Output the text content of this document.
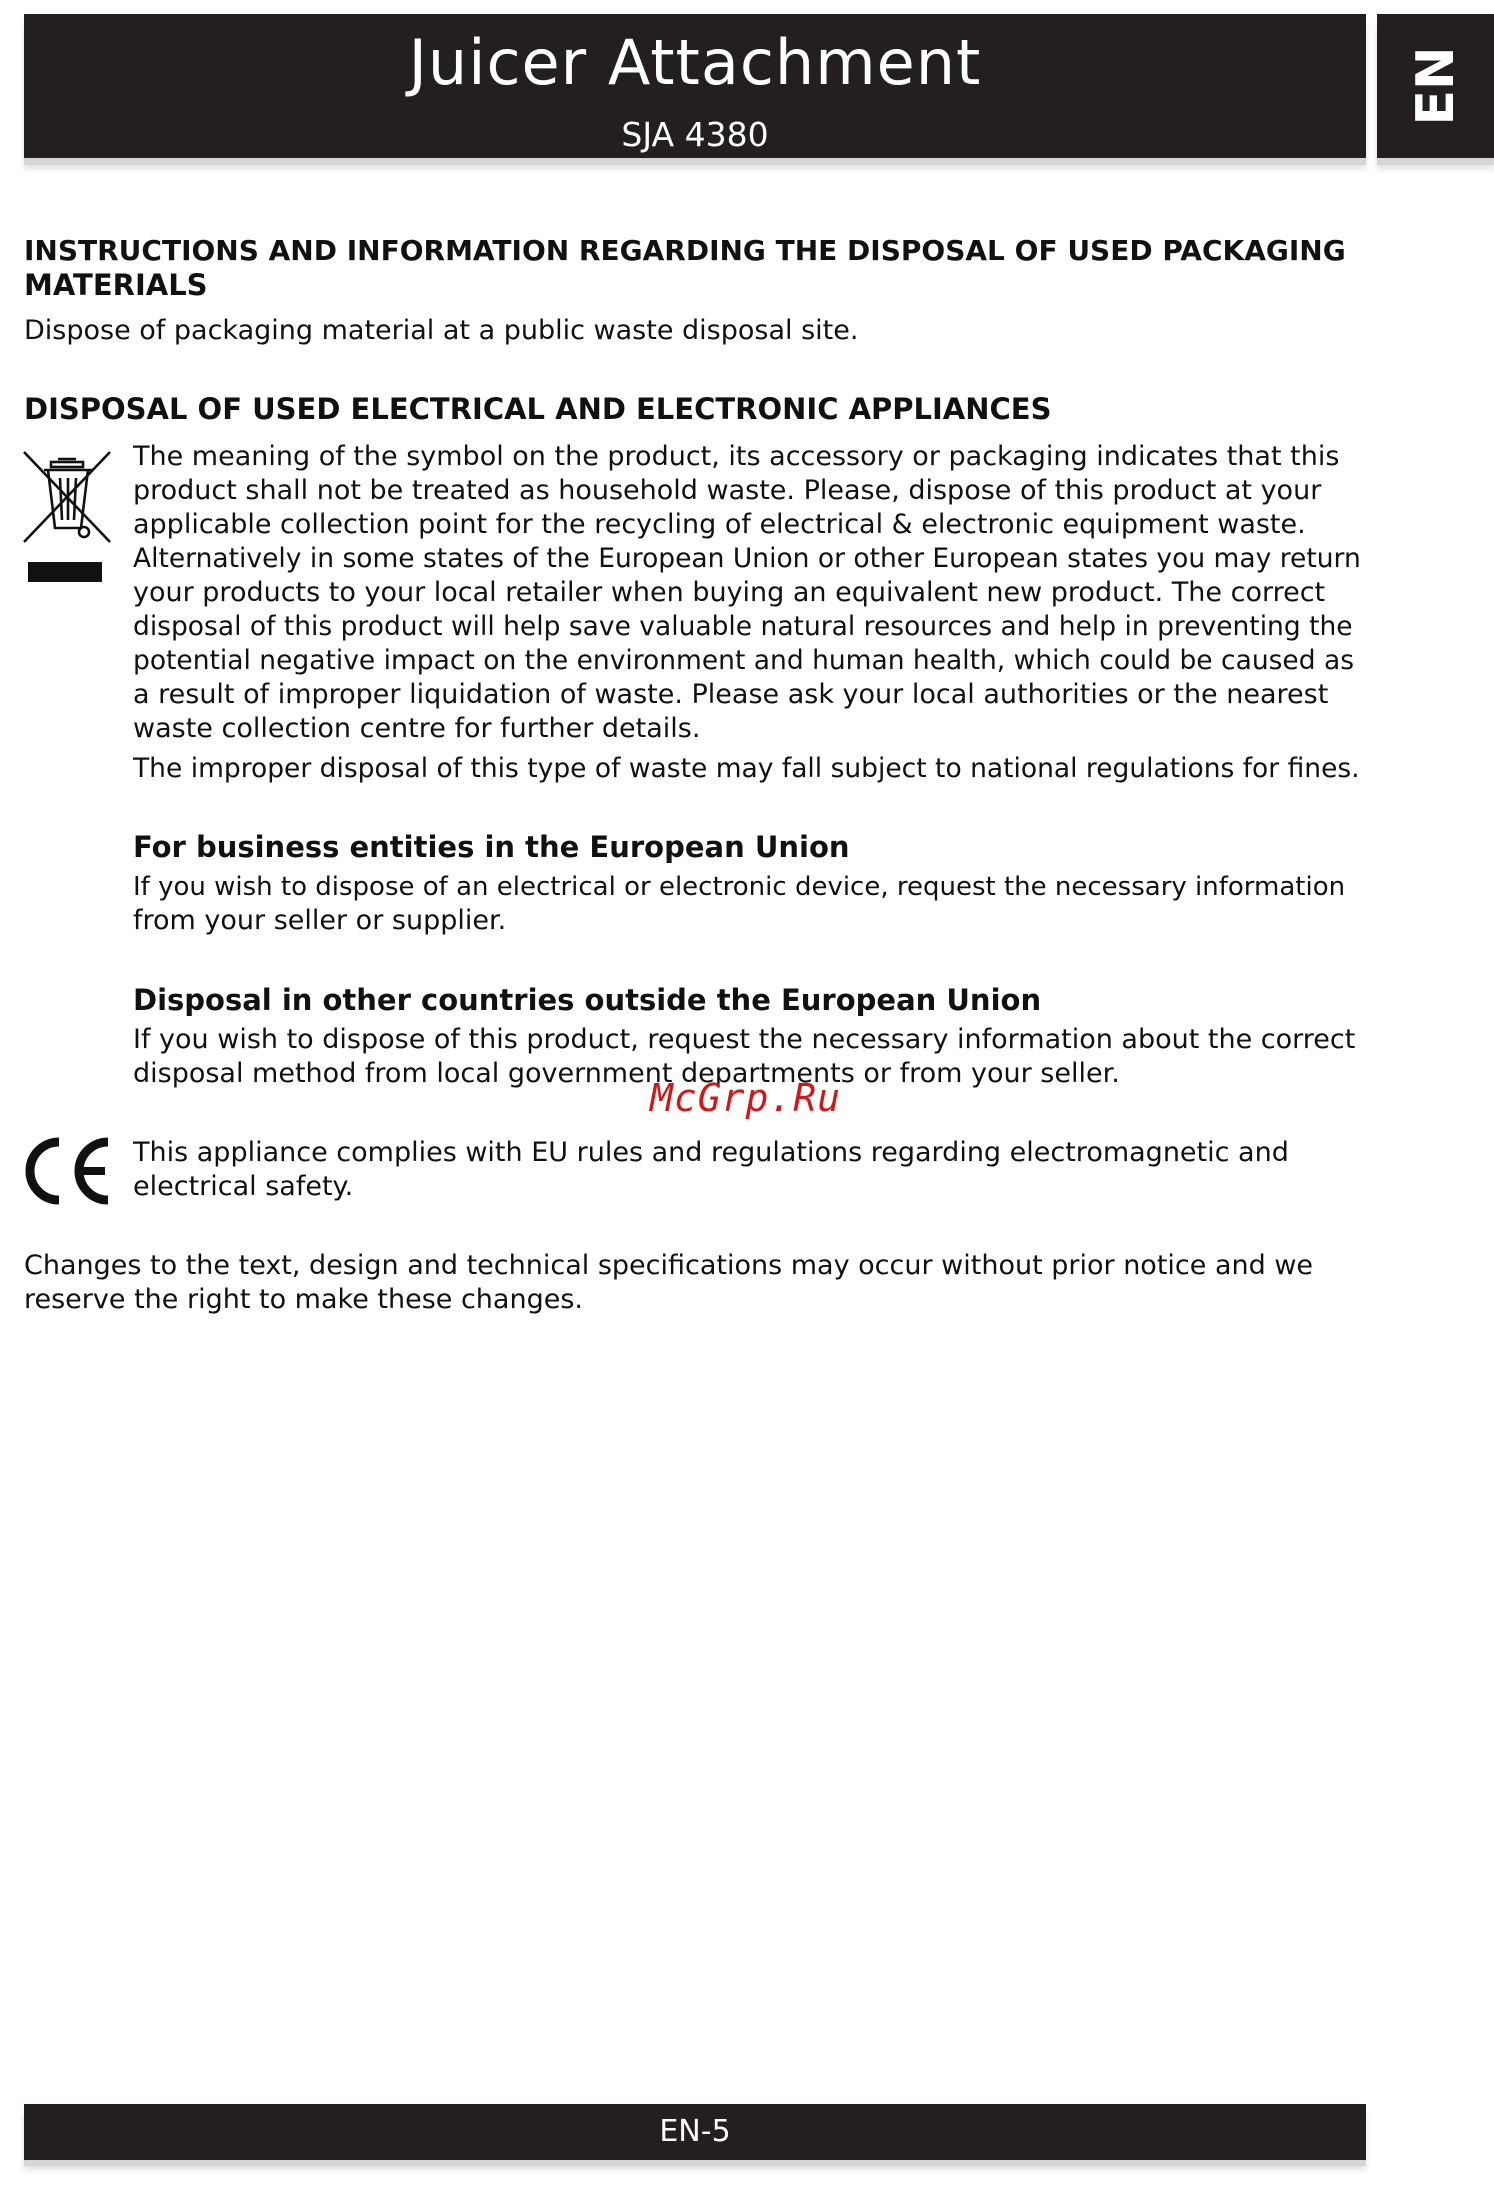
Juicer Attachment
SJA 4380
EN
INSTRUCTIONS AND INFORMATION REGARDING THE DISPOSAL OF USED PACKAGING
MATERIALS
Dispose of packaging material at a public waste disposal site.
DISPOSAL OF USED ELECTRICAL AND ELECTRONIC APPLIANCES
The meaning of the symbol on the product, its accessory or packaging indicates that this
product shall not be treated as household waste. Please, dispose of this product at your
applicable collection point for the recycling of electrical & electronic equipment waste.
Alternatively in some states of the European Union or other European states you may return
your products to your local retailer when buying an equivalent new product. The correct
disposal of this product will help save valuable natural resources and help in preventing the
potential negative impact on the environment and human health, which could be caused as
a result of improper liquidation of waste. Please ask your local authorities or the nearest
waste collection centre for further details.
The improper disposal of this type of waste may fall subject to national regulations for fines.
For business entities in the European Union
If you wish to dispose of an electrical or electronic device, request the necessary information
from your seller or supplier.
Disposal in other countries outside the European Union
If you wish to dispose of this product, request the necessary information about the correct
disposal method from local government departments or from your seller.
McGrp.Ru
This appliance complies with EU rules and regulations regarding electromagnetic and
electrical safety.
Changes to the text, design and technical specifications may occur without prior notice and we
reserve the right to make these changes.
EN-5
